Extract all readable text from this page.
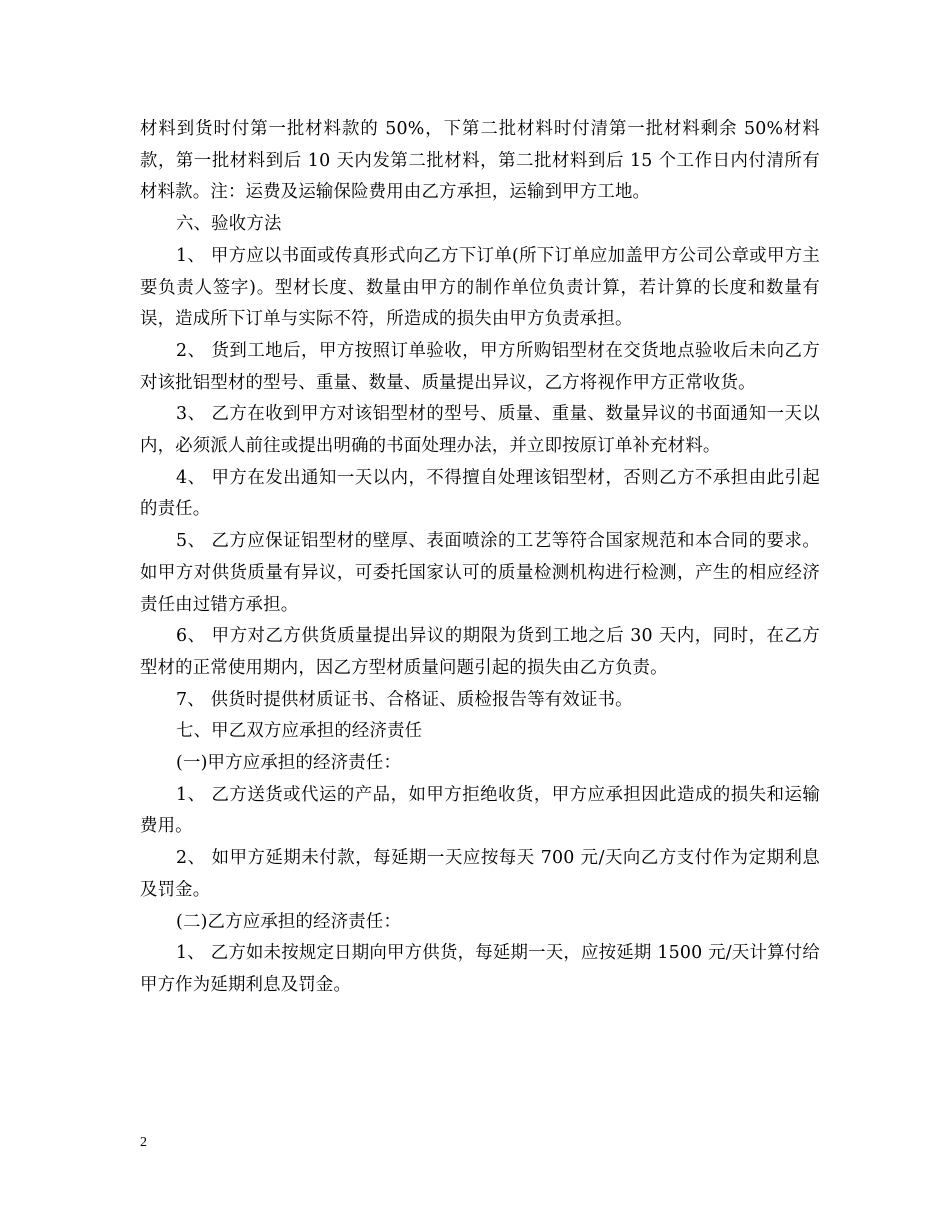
材料到货时付第一批材料款的 50%，下第二批材料时付清第一批材料剩余 50%材料款，第一批材料到后 10 天内发第二批材料，第二批材料到后 15 个工作日内付清所有材料款。注：运费及运输保险费用由乙方承担，运输到甲方工地。

六、验收方法

1、 甲方应以书面或传真形式向乙方下订单(所下订单应加盖甲方公司公章或甲方主要负责人签字)。型材长度、数量由甲方的制作单位负责计算，若计算的长度和数量有误，造成所下订单与实际不符，所造成的损失由甲方负责承担。

2、 货到工地后，甲方按照订单验收，甲方所购铝型材在交货地点验收后未向乙方对该批铝型材的型号、重量、数量、质量提出异议，乙方将视作甲方正常收货。

3、 乙方在收到甲方对该铝型材的型号、质量、重量、数量异议的书面通知一天以内，必须派人前往或提出明确的书面处理办法，并立即按原订单补充材料。

4、 甲方在发出通知一天以内，不得擅自处理该铝型材，否则乙方不承担由此引起的责任。

5、 乙方应保证铝型材的壁厚、表面喷涂的工艺等符合国家规范和本合同的要求。如甲方对供货质量有异议，可委托国家认可的质量检测机构进行检测，产生的相应经济责任由过错方承担。

6、 甲方对乙方供货质量提出异议的期限为货到工地之后 30 天内，同时，在乙方型材的正常使用期内，因乙方型材质量问题引起的损失由乙方负责。

7、 供货时提供材质证书、合格证、质检报告等有效证书。

七、甲乙双方应承担的经济责任

(一)甲方应承担的经济责任：

1、 乙方送货或代运的产品，如甲方拒绝收货，甲方应承担因此造成的损失和运输费用。

2、 如甲方延期未付款，每延期一天应按每天 700 元/天向乙方支付作为定期利息及罚金。

(二)乙方应承担的经济责任：

1、 乙方如未按规定日期向甲方供货，每延期一天，应按延期 1500 元/天计算付给甲方作为延期利息及罚金。

2
